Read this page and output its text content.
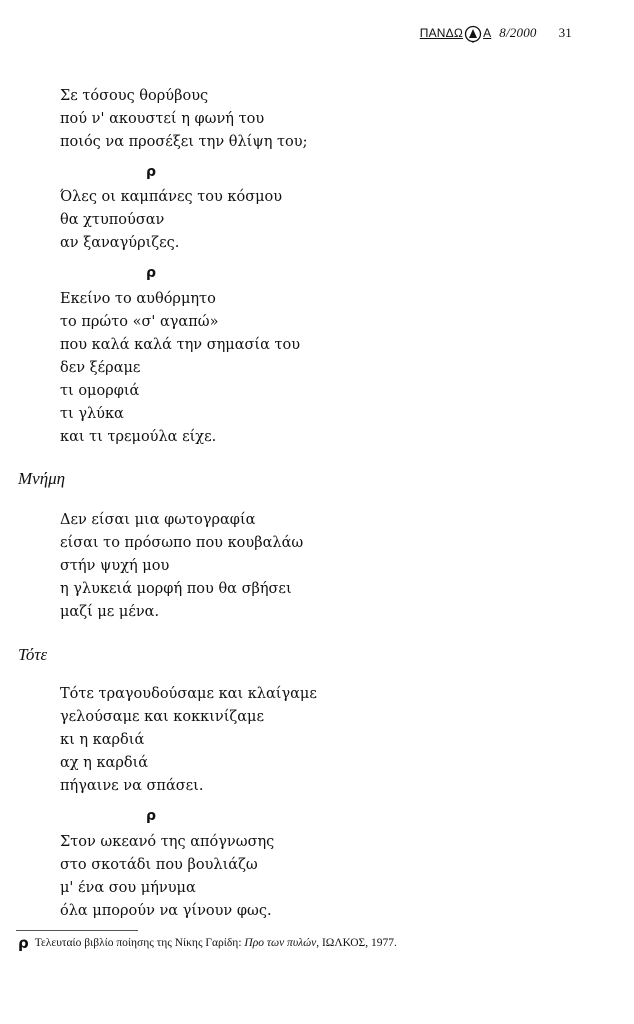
ΠΑΝΔΩ Α 8/2000 31
Σε τόσους θορύβους
πού ν' ακουστεί η φωνή του
ποιός να προσέξει την θλίψη του;
ρ
Όλες οι καμπάνες του κόσμου
θα χτυπούσαν
αν ξαναγύριζες.
ρ
Εκείνο το αυθόρμητο
το πρώτο «σ' αγαπώ»
που καλά καλά την σημασία του
δεν ξέραμε
τι ομορφιά
τι γλύκα
και τι τρεμούλα είχε.
Μνήμη
Δεν είσαι μια φωτογραφία
είσαι το πρόσωπο που κουβαλάω
στήν ψυχή μου
η γλυκειά μορφή που θα σβήσει
μαζί με μένα.
Τότε
Τότε τραγουδούσαμε και κλαίγαμε
γελούσαμε και κοκκινίζαμε
κι η καρδιά
αχ η καρδιά
πήγαινε να σπάσει.
ρ
Στον ωκεανό της απόγνωσης
στο σκοτάδι που βουλιάζω
μ' ένα σου μήνυμα
όλα μπορούν να γίνουν φως.
ρ Τελευταίο βιβλίο ποίησης της Νίκης Γαρίδη:
Προ των πυλών , ΙΩΛΚΟΣ, 1977.
